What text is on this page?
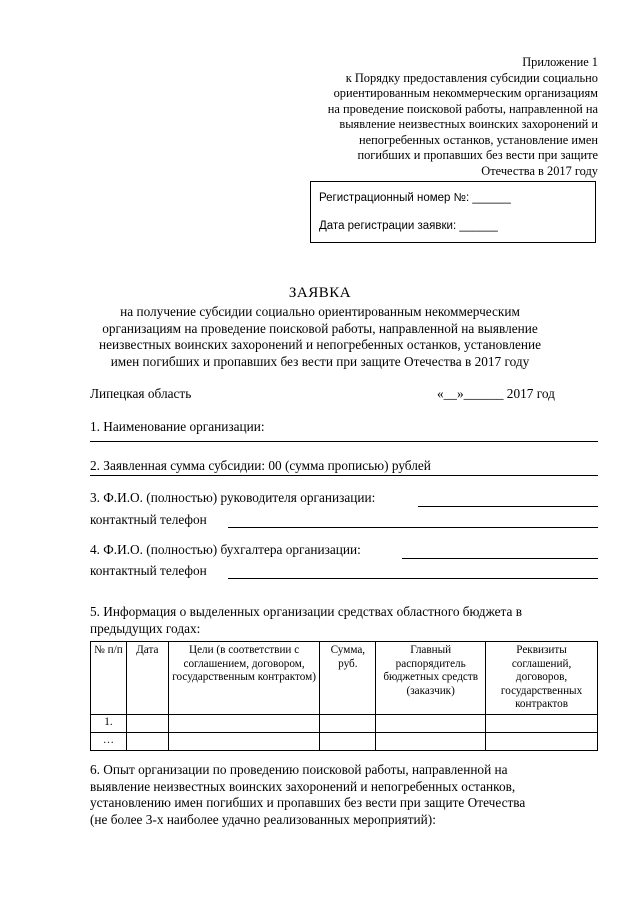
Приложение 1
к Порядку предоставления субсидии социально
ориентированным некоммерческим организациям
на проведение поисковой работы, направленной на
выявление неизвестных воинских захоронений и
непогребенных останков, установление имен
погибших и пропавших без вести при защите
Отечества в 2017 году
Регистрационный номер №: ______
Дата регистрации заявки: ______
ЗАЯВКА
на получение субсидии социально ориентированным некоммерческим
организациям на проведение поисковой работы, направленной на выявление
неизвестных воинских захоронений и непогребенных останков, установление
имен погибших и пропавших без вести при защите Отечества в 2017 году
Липецкая область	«__»______ 2017 год
1. Наименование организации:
2. Заявленная сумма субсидии: 00 (сумма прописью) рублей
3. Ф.И.О. (полностью) руководителя организации:
контактный телефон
4. Ф.И.О. (полностью) бухгалтера организации:
контактный телефон
5. Информация о выделенных организации средствах областного бюджета в
предыдущих годах:
№ п/п	Дата	Цели (в соответствии с соглашением, договором, государственным контрактом)	Сумма, руб.	Главный распорядитель бюджетных средств (заказчик)	Реквизиты соглашений, договоров, государственных контрактов
1.					
…					
6. Опыт организации по проведению поисковой работы, направленной на
выявление неизвестных воинских захоронений и непогребенных останков,
установлению имен погибших и пропавших без вести при защите Отечества
(не более 3-х наиболее удачно реализованных мероприятий):
